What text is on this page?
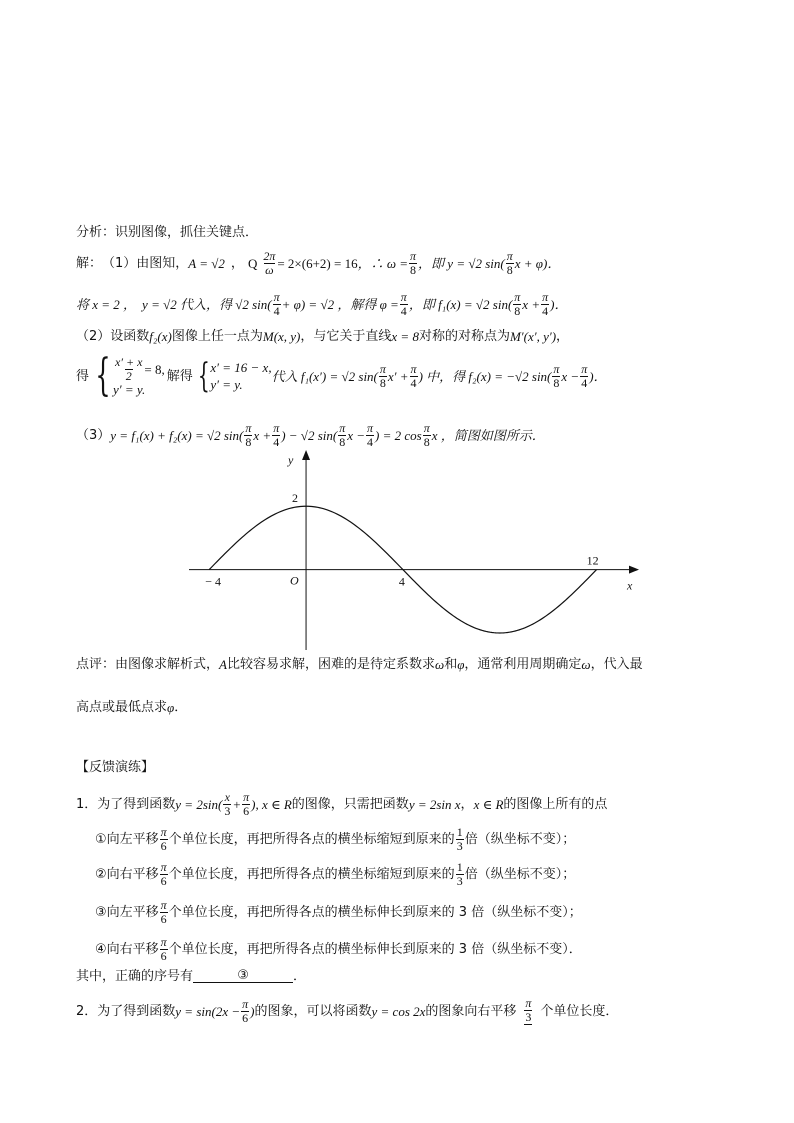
分析： 识别图像，抓住关键点．
解： （1）由图知， A = √2 ， Q $\frac{2\pi}{\omega} = 2\times(6+2) = 16$ ，∴ $\omega = \frac{\pi}{8}$ ，即 y = √2 $\sin( \frac{\pi}{8}$ x + φ)．
将 x = 2 ， y = √2 代入，得 √2 $\sin( \frac{\pi}{4} + \varphi) = √2$ ，解得 $\varphi = \frac{\pi}{4}$ ，即 f₁(x) = √2 $\sin( \frac{\pi}{8}$ $x + \frac{\pi}{4}$ )．
（2）设函数 f₂(x) 图像上任一点为 M(x, y) ，与它关于直线 x = 8 对称的对称点为 M′(x′, y′) ，
得 { $\frac{x' + x}{2} = 8$,
y′ = y.
解得 { x′ = 16 − x,
y′ = y.
代入 f₁(x′) = √2 $\sin( \frac{\pi}{8} x' + \frac{\pi}{4}$ ) 中，得 f₂(x) = −√2 $\sin( \frac{\pi}{8}$ $x - \frac{\pi}{4}$ )．
（3） y = f₁(x) + f₂(x) = √2 $\sin( \frac{\pi}{8}$ $x + \frac{\pi}{4}$ ) − √2 $\sin( \frac{\pi}{8}$ $x - \frac{\pi}{4}$ ) = 2 $\cos \frac{\pi}{8}$ x ，简图如图所示．
y
x
O
− 4	4
12
2
点评： 由图像求解析式， A 比较容易求解，困难的是待定系数求 ω 和 φ ，通常利用周期确定 ω ，代入最
高点或最低点求 φ ．
【反馈演练】
1．为了得到函数 $y = 2\sin( \frac{x}{3} + \frac{\pi}{6}$ ), x ∈ R 的图像，只需把函数 y = 2sin x ， x ∈ R 的图像上所有的点
①向左平移 $\frac{\pi}{6}$ 个单位长度，再把所得各点的横坐标缩短到原来的 $\frac{1}{3}$ 倍（纵坐标不变）；
②向右平移 $\frac{\pi}{6}$ 个单位长度，再把所得各点的横坐标缩短到原来的 $\frac{1}{3}$ 倍（纵坐标不变）；
③向左平移 $\frac{\pi}{6}$ 个单位长度，再把所得各点的横坐标伸长到原来的 3 倍（纵坐标不变）；
④向右平移 $\frac{\pi}{6}$ 个单位长度，再把所得各点的横坐标伸长到原来的 3 倍（纵坐标不变）．
其中，正确的序号有	③	．
2．为了得到函数 $y = \sin(2x - \frac{\pi}{6}$ ) 的图象，可以将函数 y = cos 2x 的图象向右平移 $\frac{\pi}{3}$ 个单位长度．
